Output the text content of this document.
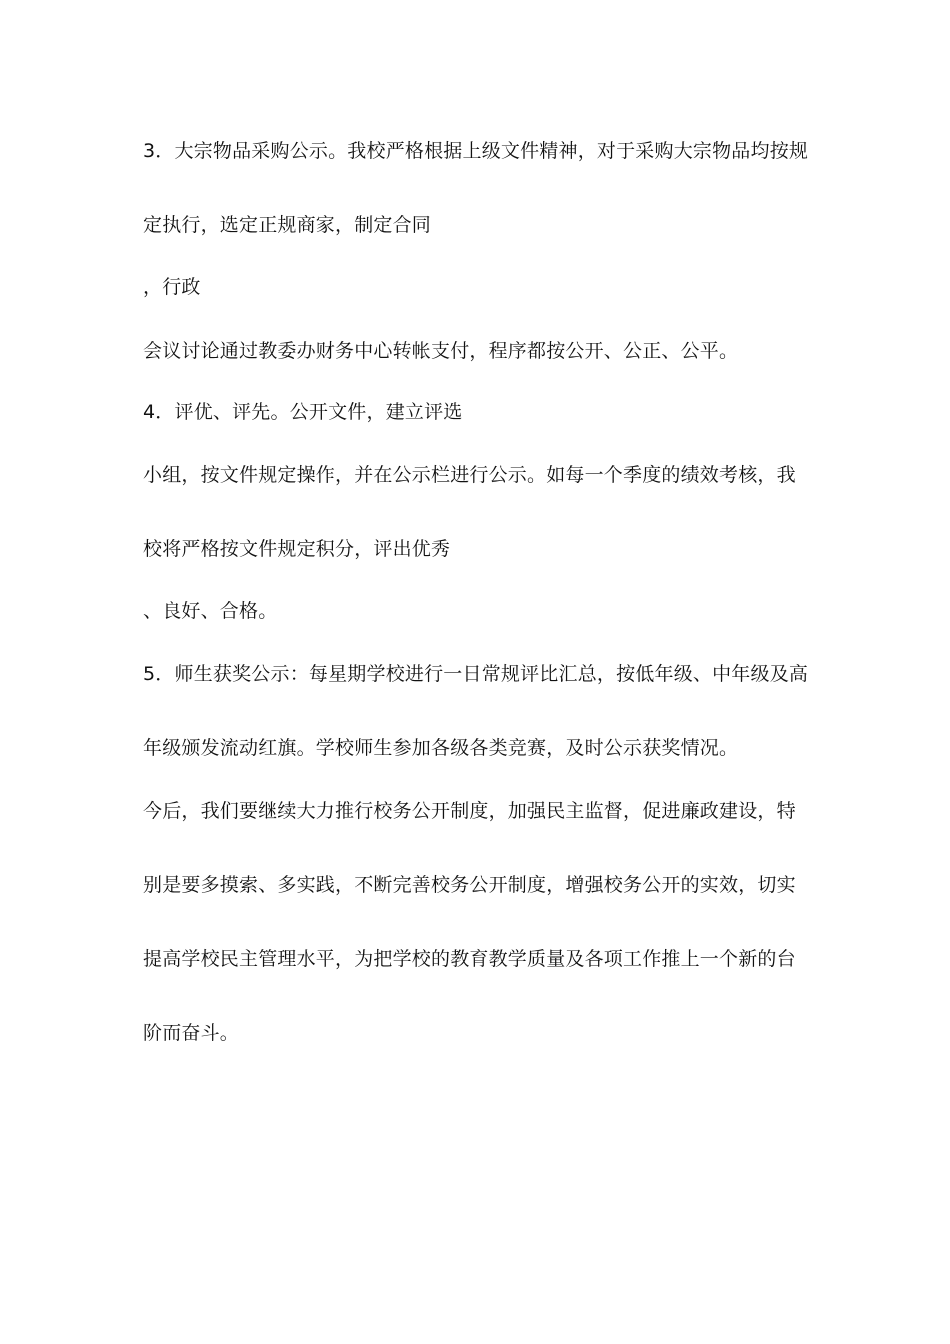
3．大宗物品采购公示。我校严格根据上级文件精神，对于采购大宗物品均按规
定执行，选定正规商家，制定合同
，行政
会议讨论通过教委办财务中心转帐支付，程序都按公开、公正、公平。
4．评优、评先。公开文件，建立评选
小组，按文件规定操作，并在公示栏进行公示。如每一个季度的绩效考核，我
校将严格按文件规定积分，评出优秀
、良好、合格。
5．师生获奖公示：每星期学校进行一日常规评比汇总，按低年级、中年级及高
年级颁发流动红旗。学校师生参加各级各类竞赛，及时公示获奖情况。
今后，我们要继续大力推行校务公开制度，加强民主监督，促进廉政建设，特
别是要多摸索、多实践，不断完善校务公开制度，增强校务公开的实效，切实
提高学校民主管理水平，为把学校的教育教学质量及各项工作推上一个新的台
阶而奋斗。
